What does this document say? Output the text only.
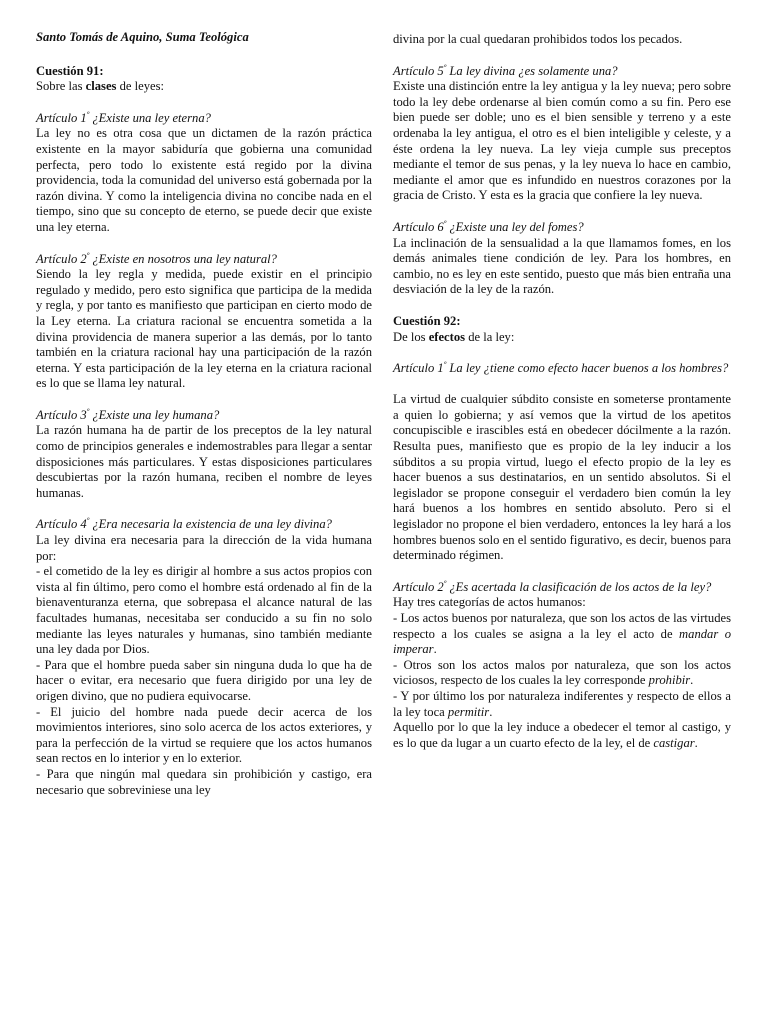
Santo Tomás de Aquino, Suma Teológica

Cuestión 91:

Sobre las clases de leyes:

Artículo $1^º$ ¿Existe una ley eterna?

La ley no es otra cosa que un dictamen de la razón práctica existente en la mayor sabiduría que gobierna una comunidad perfecta, pero todo lo existente está regido por la divina providencia, toda la comunidad del universo está gobernada por la razón divina. Y como la inteligencia divina no concibe nada en el tiempo, sino que su concepto de eterno, se puede decir que existe una ley eterna.

Artículo $2^º$ ¿Existe en nosotros una ley natural?

Siendo la ley regla y medida, puede existir en el principio regulado y medido, pero esto significa que participa de la medida y regla, y por tanto es manifiesto que participan en cierto modo de la Ley eterna. La criatura racional se encuentra sometida a la divina providencia de manera superior a las demás, por lo tanto también en la criatura racional hay una participación de la razón eterna. Y esta participación de la ley eterna en la criatura racional es lo que se llama ley natural.

Artículo $3^º$ ¿Existe una ley humana?

La razón humana ha de partir de los preceptos de la ley natural como de principios generales e indemostrables para llegar a sentar disposiciones más particulares. Y estas disposiciones particulares descubiertas por la razón humana, reciben el nombre de leyes humanas.

Artículo $4^º$ ¿Era necesaria la existencia de una ley divina?

La ley divina era necesaria para la dirección de la vida humana por:

- el cometido de la ley es dirigir al hombre a sus actos propios con vista al fin último, pero como el hombre está ordenado al fin de la bienaventuranza eterna, que sobrepasa el alcance natural de las facultades humanas, necesitaba ser conducido a su fin no solo mediante las leyes naturales y humanas, sino también mediante una ley dada por Dios.

- Para que el hombre pueda saber sin ninguna duda lo que ha de hacer o evitar, era necesario que fuera dirigido por una ley de origen divino, que no pudiera equivocarse.

- El juicio del hombre nada puede decir acerca de los movimientos interiores, sino solo acerca de los actos exteriores, y para la perfección de la virtud se requiere que los actos humanos sean rectos en lo interior y en lo exterior.

- Para que ningún mal quedara sin prohibición y castigo, era necesario que sobreviniese una ley

divina por la cual quedaran prohibidos todos los pecados.

Artículo $5^º$ La ley divina ¿es solamente una?

Existe una distinción entre la ley antigua y la ley nueva; pero sobre todo la ley debe ordenarse al bien común como a su fin. Pero ese bien puede ser doble; uno es el bien sensible y terreno y a este ordenaba la ley antigua, el otro es el bien inteligible y celeste, y a éste ordena la ley nueva. La ley vieja cumple sus preceptos mediante el temor de sus penas, y la ley nueva lo hace en cambio, mediante el amor que es infundido en nuestros corazones por la gracia de Cristo. Y esta es la gracia que confiere la ley nueva.

Artículo $6^º$ ¿Existe una ley del fomes?

La inclinación de la sensualidad a la que llamamos fomes, en los demás animales tiene condición de ley. Para los hombres, en cambio, no es ley en este sentido, puesto que más bien entraña una desviación de la ley de la razón.

Cuestión 92:

De los efectos de la ley:

Artículo $1^º$ La ley ¿tiene como efecto hacer buenos a los hombres?

La virtud de cualquier súbdito consiste en someterse prontamente a quien lo gobierna; y así vemos que la virtud de los apetitos concupiscible e irascibles está en obedecer dócilmente a la razón. Resulta pues, manifiesto que es propio de la ley inducir a los súbditos a su propia virtud, luego el efecto propio de la ley es hacer buenos a sus destinatarios, en un sentido absolutos. Si el legislador se propone conseguir el verdadero bien común la ley hará buenos a los hombres en sentido absoluto. Pero si el legislador no propone el bien verdadero, entonces la ley hará a los hombres buenos solo en el sentido figurativo, es decir, buenos para determinado régimen.

Artículo $2^º$ ¿Es acertada la clasificación de los actos de la ley?

Hay tres categorías de actos humanos:

- Los actos buenos por naturaleza, que son los actos de las virtudes respecto a los cuales se asigna a la ley el acto de mandar o imperar.

- Otros son los actos malos por naturaleza, que son los actos viciosos, respecto de los cuales la ley corresponde prohibir.

- Y por último los por naturaleza indiferentes y respecto de ellos a la ley toca permitir.

Aquello por lo que la ley induce a obedecer el temor al castigo, y es lo que da lugar a un cuarto efecto de la ley, el de castigar.
